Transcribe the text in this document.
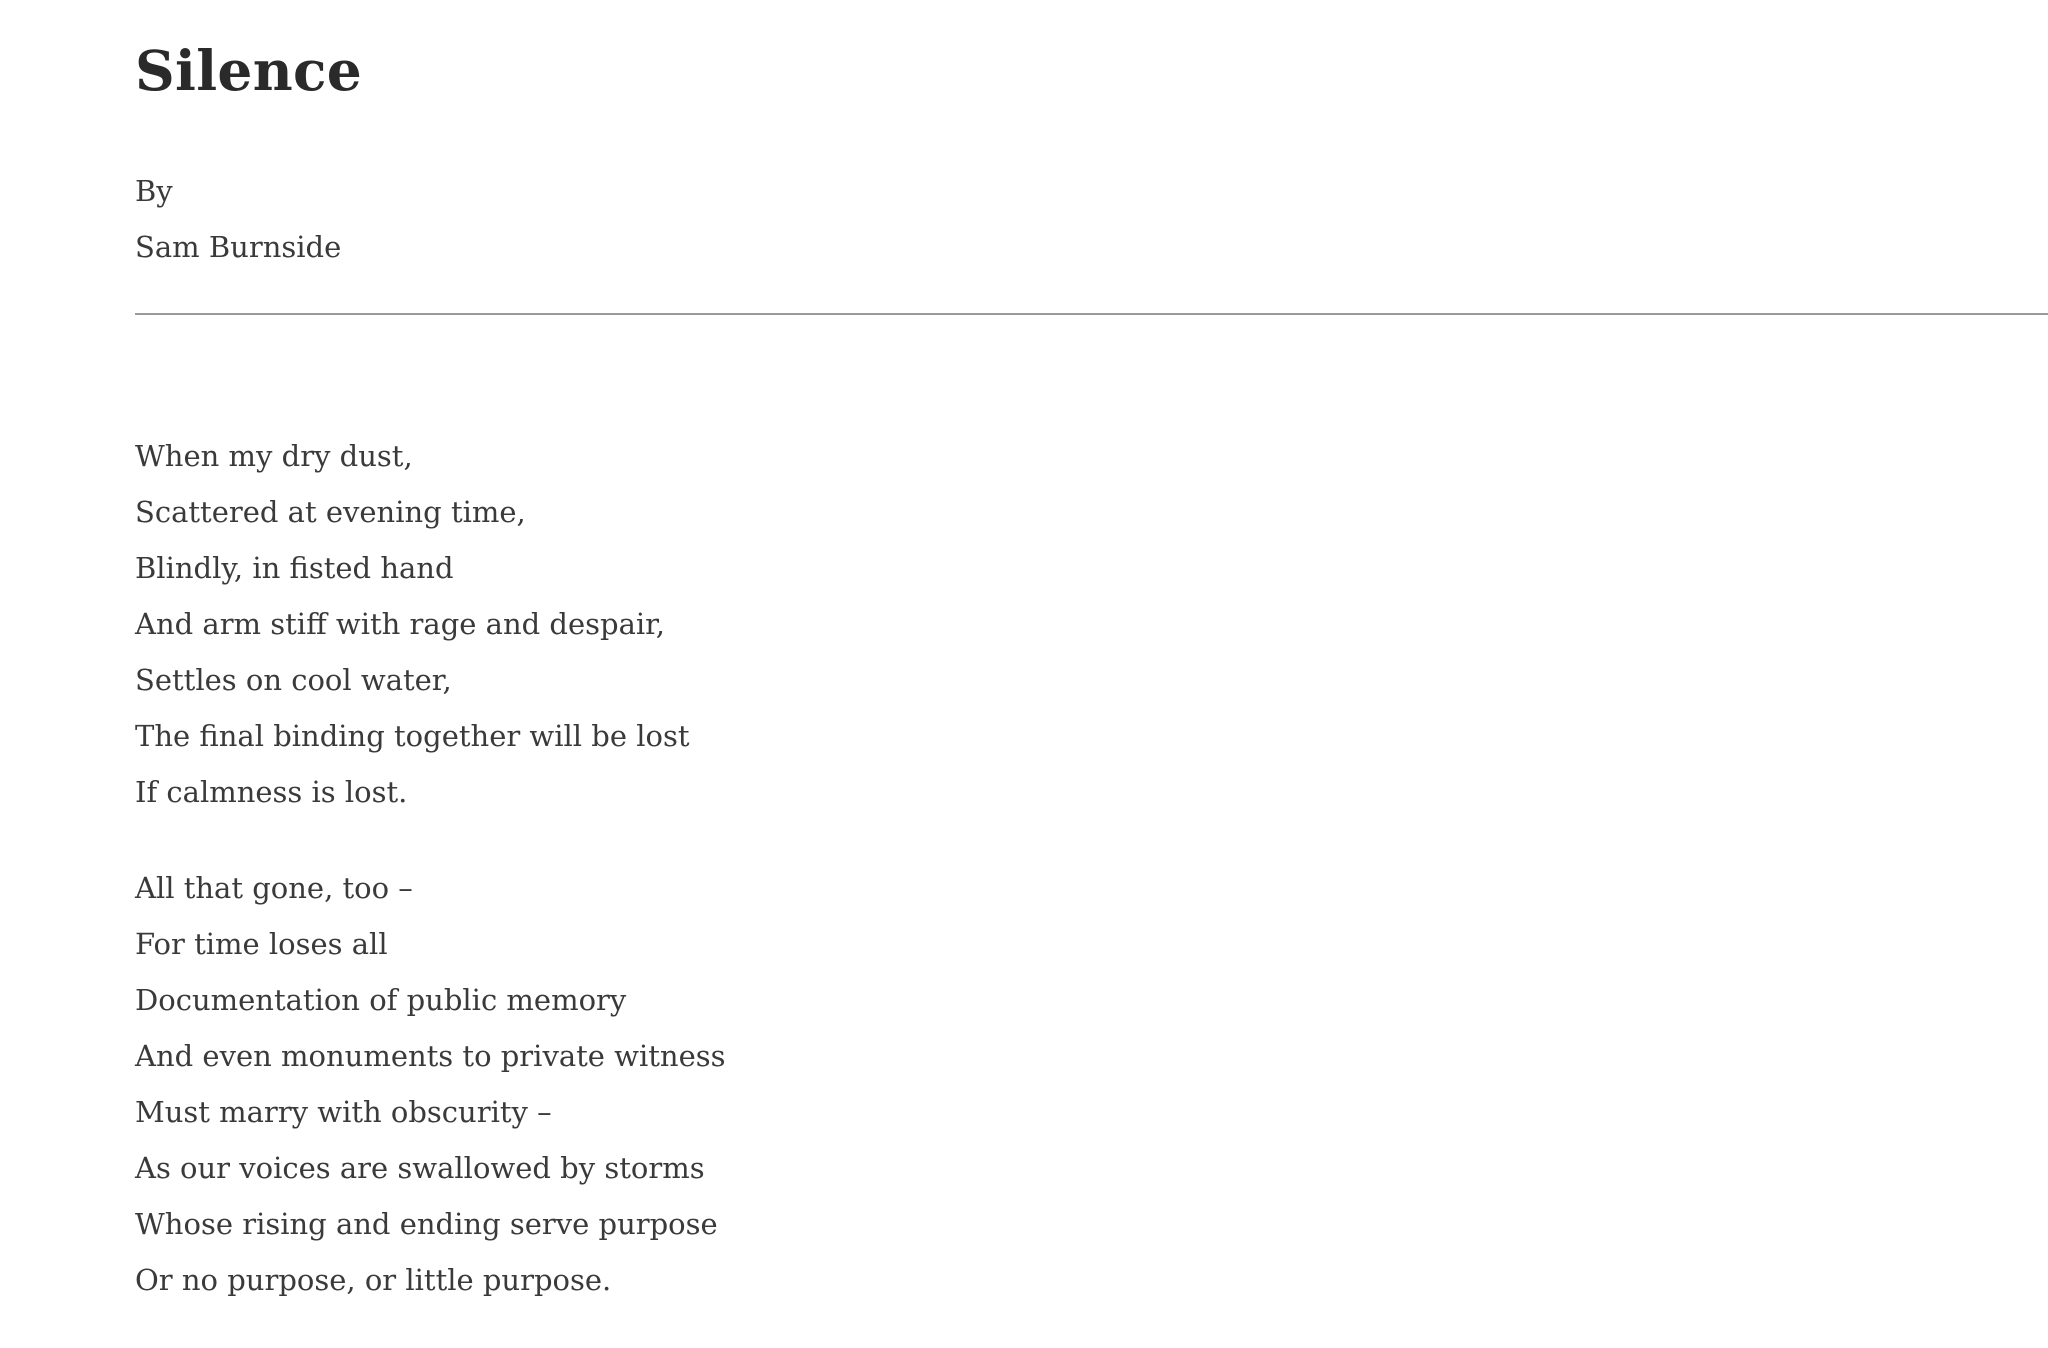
Silence
By
Sam Burnside
When my dry dust,
Scattered at evening time,
Blindly, in fisted hand
And arm stiff with rage and despair,
Settles on cool water,
The final binding together will be lost
If calmness is lost.
All that gone, too –
For time loses all
Documentation of public memory
And even monuments to private witness
Must marry with obscurity –
As our voices are swallowed by storms
Whose rising and ending serve purpose
Or no purpose, or little purpose.
